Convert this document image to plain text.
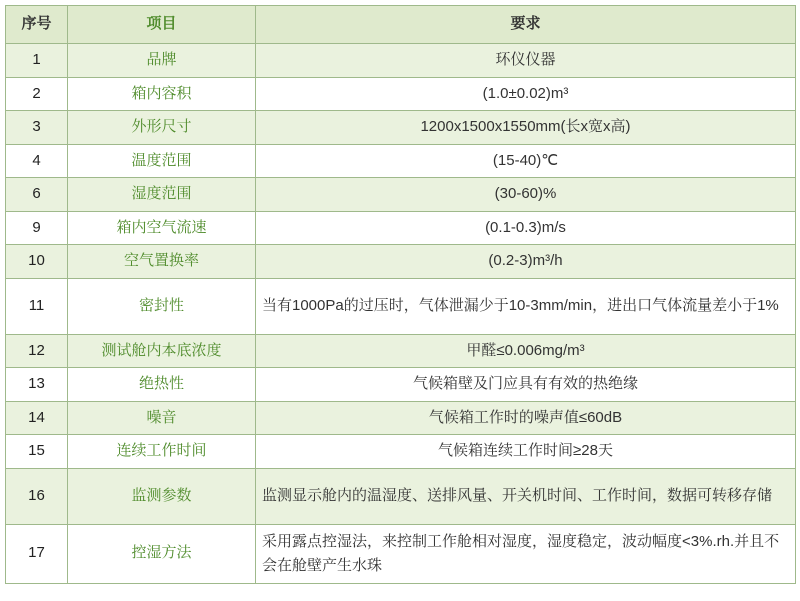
序号	项目	要求
1	品牌	环仪仪器
2	箱内容积	(1.0±0.02)m³
3	外形尺寸	1200x1500x1550mm(长x宽x高)
4	温度范围	(15-40)℃
6	湿度范围	(30-60)%
9	箱内空气流速	(0.1-0.3)m/s
10	空气置换率	(0.2-3)m³/h
11	密封性	当有1000Pa的过压时，气体泄漏少于10-3mm/min，进出口气体流量差小于1%
12	测试舱内本底浓度	甲醛≤0.006mg/m³
13	绝热性	气候箱壁及门应具有有效的热绝缘
14	噪音	气候箱工作时的噪声值≤60dB
15	连续工作时间	气候箱连续工作时间≥28天
16	监测参数	监测显示舱内的温湿度、送排风量、开关机时间、工作时间，数据可转移存储
17	控湿方法	采用露点控湿法，来控制工作舱相对湿度，湿度稳定，波动幅度<3%.rh.并且不会在舱壁产生水珠
